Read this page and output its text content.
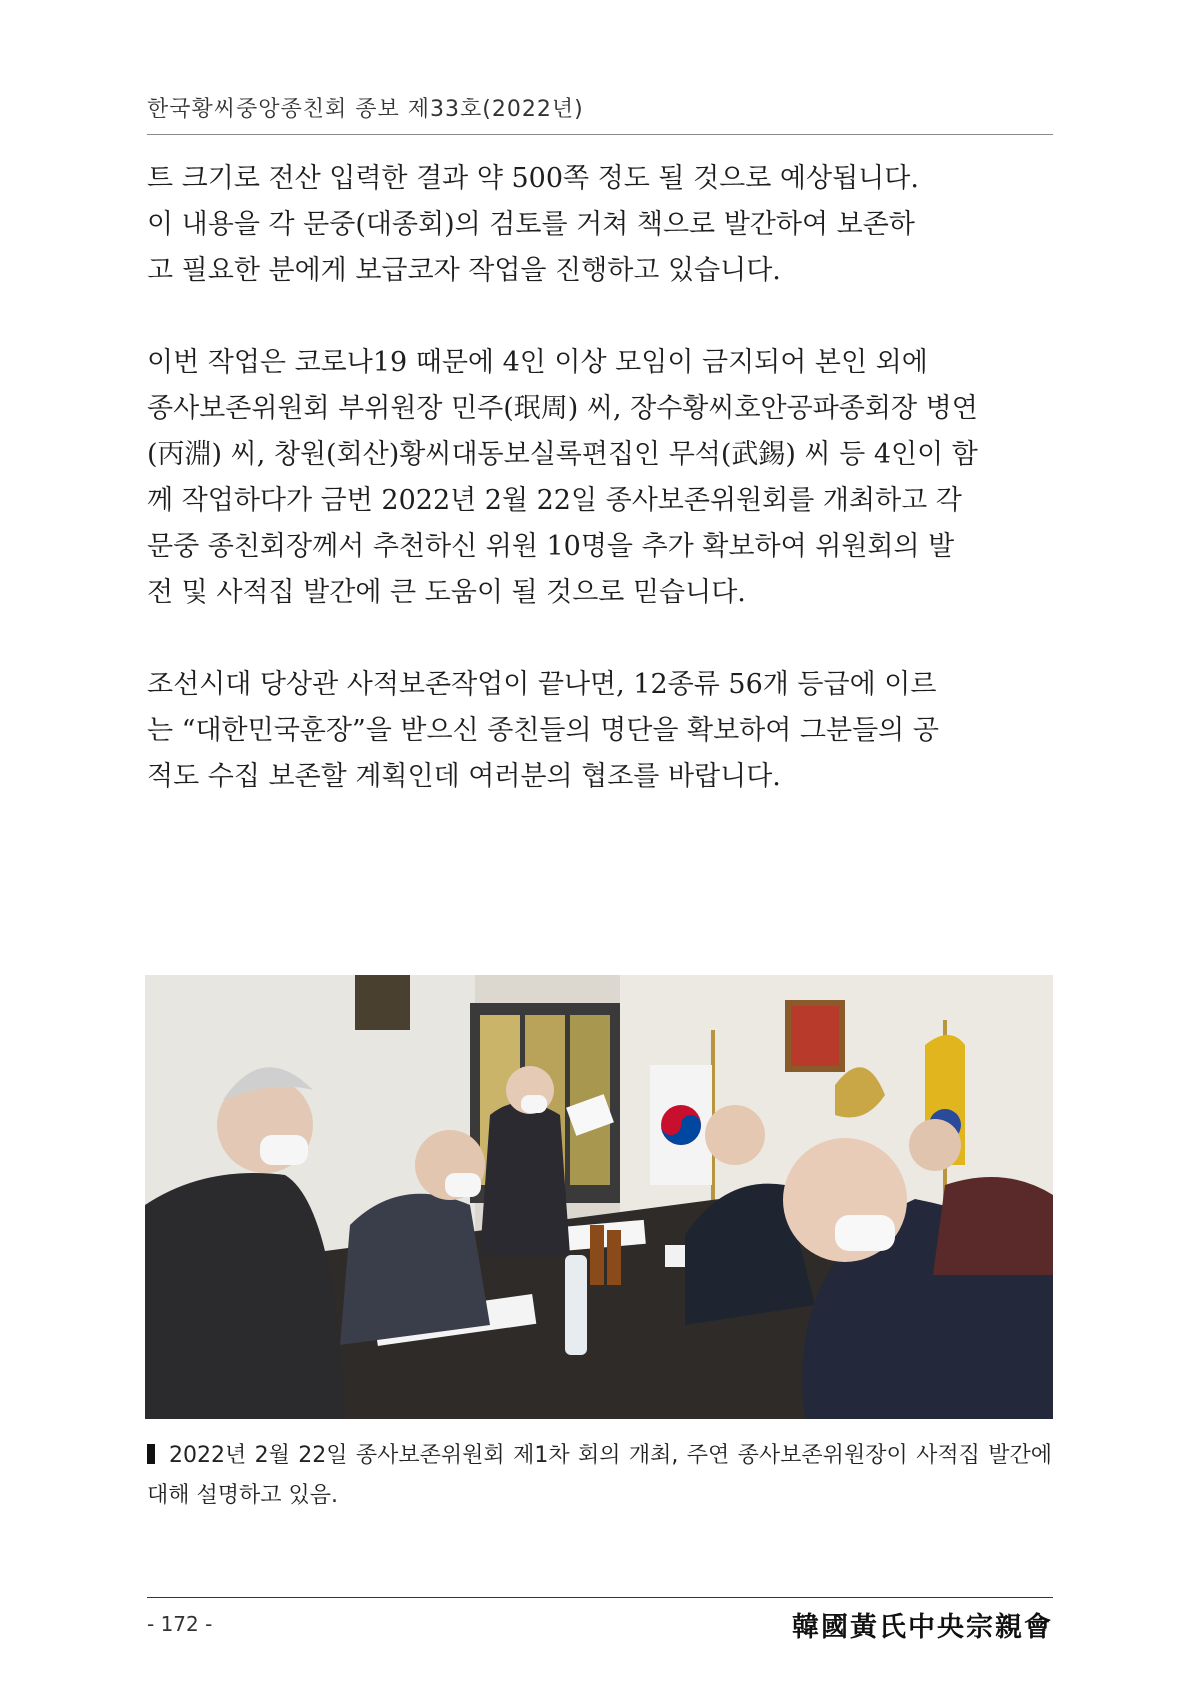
한국황씨중앙종친회 종보 제33호(2022년)

트 크기로 전산 입력한 결과 약 500쪽 정도 될 것으로 예상됩니다.
이 내용을 각 문중(대종회)의 검토를 거쳐 책으로 발간하여 보존하
고 필요한 분에게 보급코자 작업을 진행하고 있습니다.

이번 작업은 코로나19 때문에 4인 이상 모임이 금지되어 본인 외에
종사보존위원회 부위원장 민주(珉周) 씨, 장수황씨호안공파종회장 병연
(丙淵) 씨, 창원(회산)황씨대동보실록편집인 무석(武錫) 씨 등 4인이 함
께 작업하다가 금번 2022년 2월 22일 종사보존위원회를 개최하고 각
문중 종친회장께서 추천하신 위원 10명을 추가 확보하여 위원회의 발
전 및 사적집 발간에 큰 도움이 될 것으로 믿습니다.

조선시대 당상관 사적보존작업이 끝나면, 12종류 56개 등급에 이르
는 “대한민국훈장”을 받으신 종친들의 명단을 확보하여 그분들의 공
적도 수집 보존할 계획인데 여러분의 협조를 바랍니다.

2022년 2월 22일 종사보존위원회 제1차 회의 개최, 주연 종사보존위원장이 사적집 발간에 대해 설명하고 있음.
- 172 -	韓國黃氏中央宗親會
